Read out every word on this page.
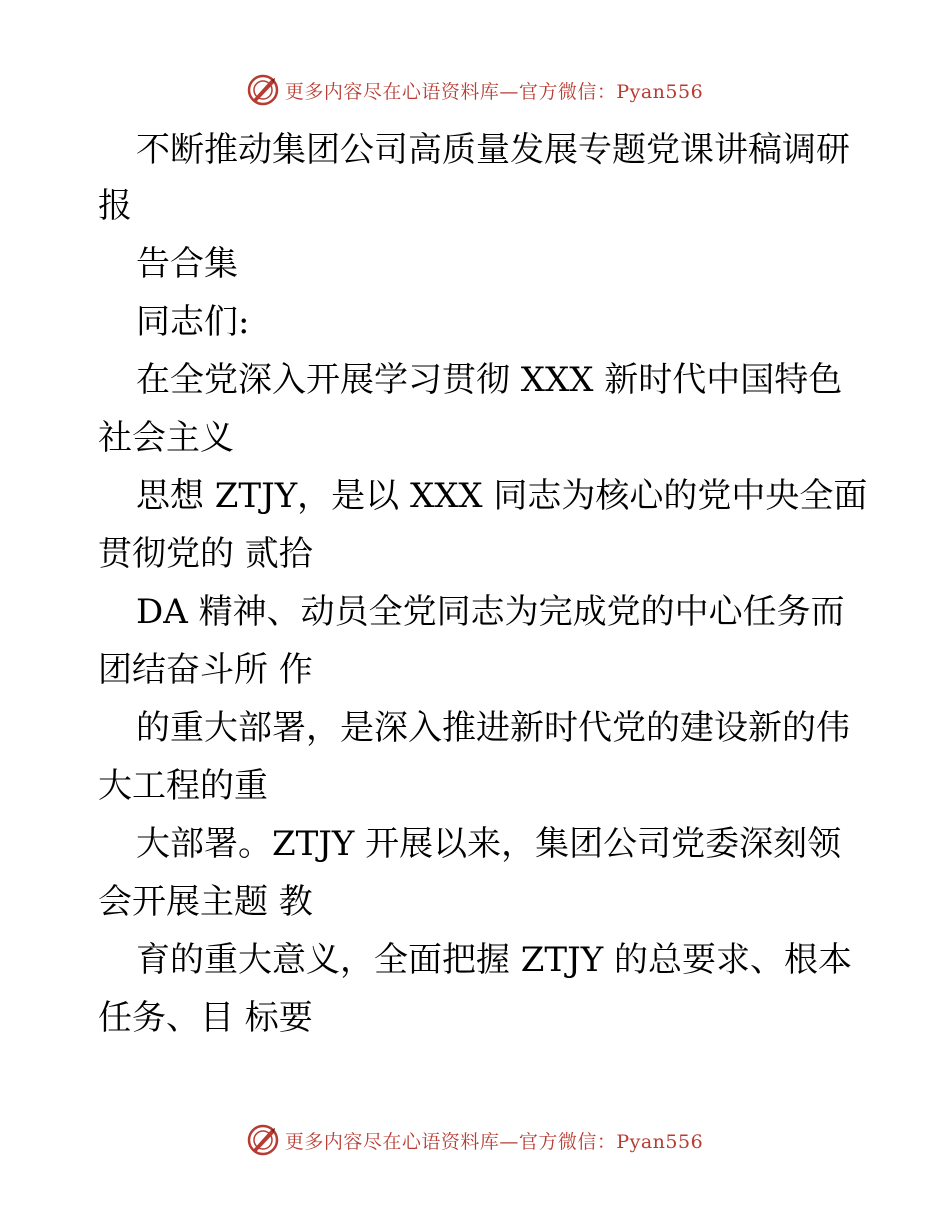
更多内容尽在心语资料库—官方微信：Pyan556
不断推动集团公司高质量发展专题党课讲稿调研
报
告合集
同志们:
在全党深入开展学习贯彻 XXX 新时代中国特色
社会主义
思想 ZTJY，是以 XXX 同志为核心的党中央全面
贯彻党的 贰拾
DA 精神、动员全党同志为完成党的中心任务而
团结奋斗所 作
的重大部署，是深入推进新时代党的建设新的伟
大工程的重
大部署。ZTJY 开展以来，集团公司党委深刻领
会开展主题 教
育的重大意义，全面把握 ZTJY 的总要求、根本
任务、目 标要
更多内容尽在心语资料库—官方微信：Pyan556
